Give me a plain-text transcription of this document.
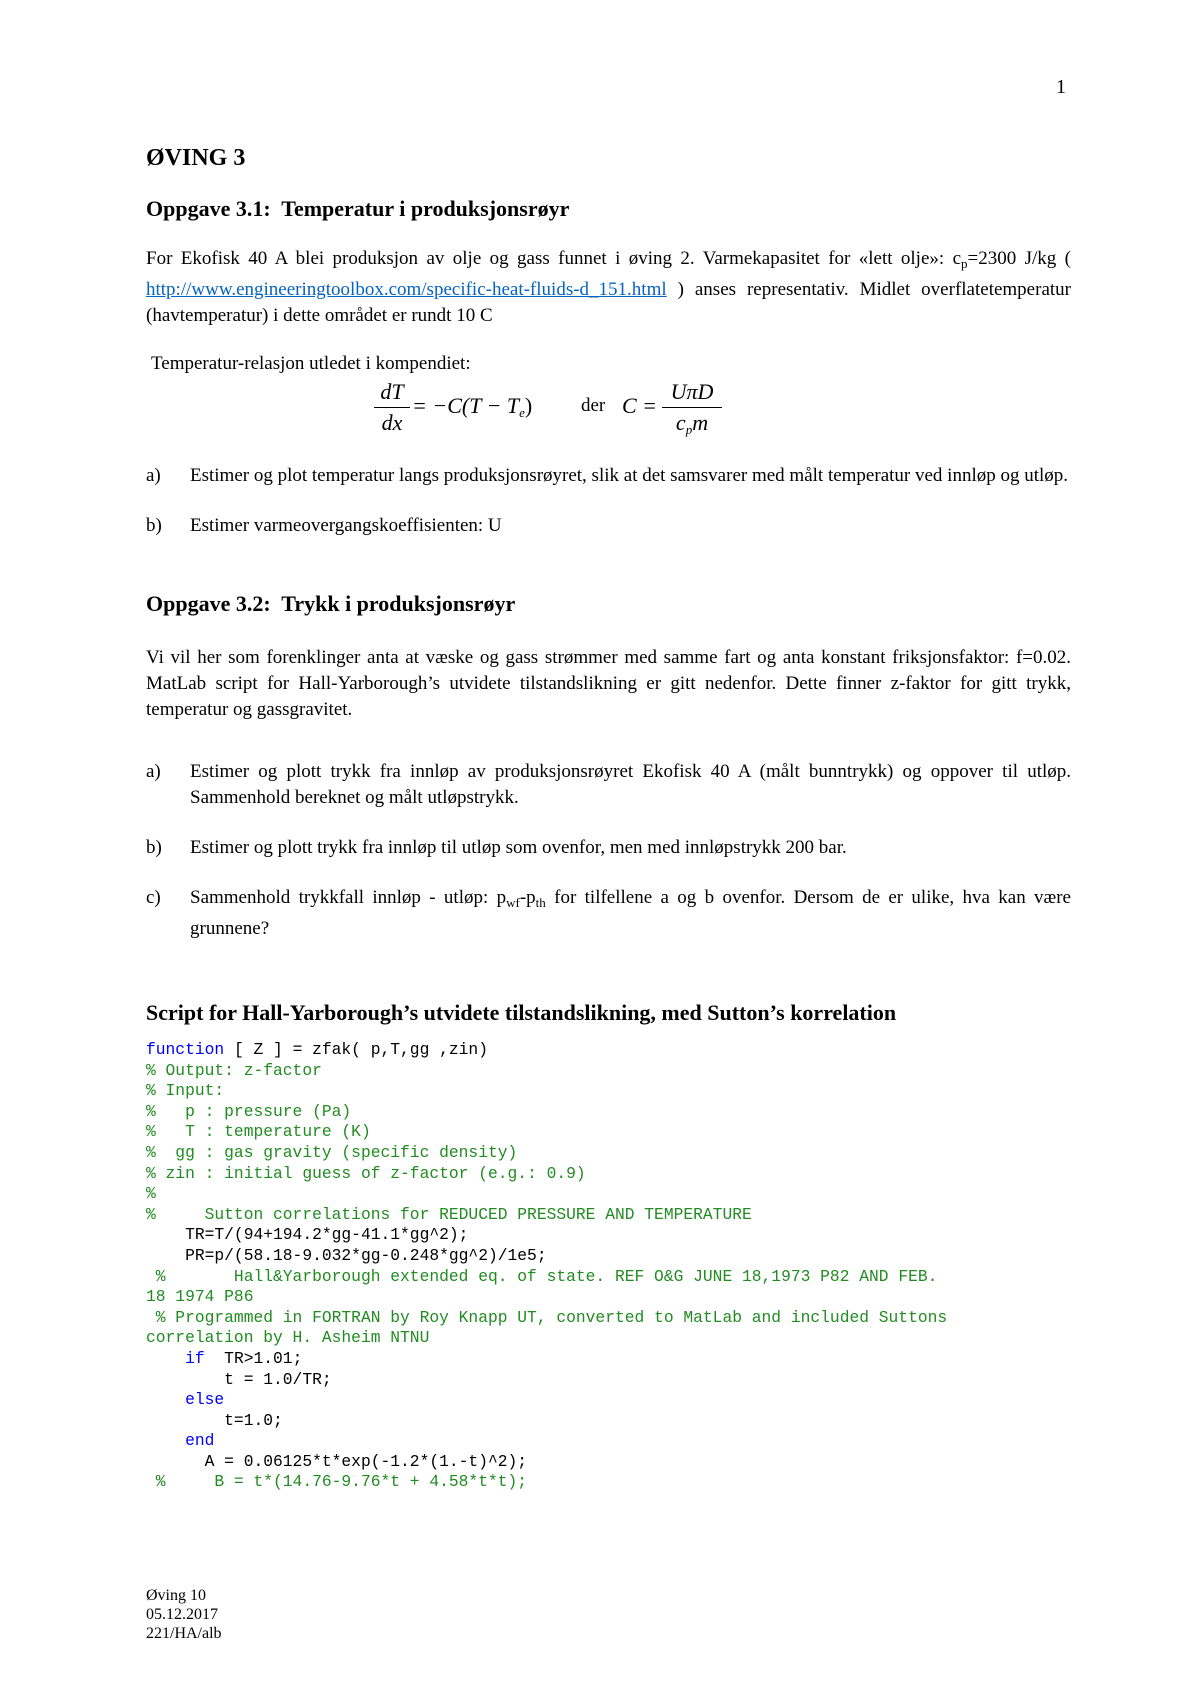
1
ØVING 3
Oppgave 3.1: Temperatur i produksjonsrøyr

For Ekofisk 40 A blei produksjon av olje og gass funnet i øving 2. Varmekapasitet for «lett olje»: $c_p=2300$ J/kg ( http://www.engineeringtoolbox.com/specific-heat-fluids-d_151.html ) anses representativ. Midlet overflatetemperatur (havtemperatur) i dette området er rundt 10 C

Temperatur-relasjon utledet i kompendiet:

dT
dx
= $-C(T - T_e)$	der C =
UπD
$c_pm$
a)	Estimer og plot temperatur langs produksjonsrøyret, slik at det samsvarer med målt temperatur ved innløp og utløp.
b)	Estimer varmeovergangskoeffisienten: U
Oppgave 3.2: Trykk i produksjonsrøyr

Vi vil her som forenklinger anta at væske og gass strømmer med samme fart og anta konstant friksjonsfaktor: f=0.02. MatLab script for Hall-Yarborough’s utvidete tilstandslikning er gitt nedenfor. Dette finner z-faktor for gitt trykk, temperatur og gassgravitet.

a)	Estimer og plott trykk fra innløp av produksjonsrøyret Ekofisk 40 A (målt bunntrykk) og oppover til utløp. Sammenhold bereknet og målt utløpstrykk.
b)	Estimer og plott trykk fra innløp til utløp som ovenfor, men med innløpstrykk 200 bar.
c)	Sammenhold trykkfall innløp - utløp: $p_{wf}-p_{th}$ for tilfellene a og b ovenfor. Dersom de er ulike, hva kan være grunnene?
Script for Hall-Yarborough’s utvidete tilstandslikning, med Sutton’s korrelation
function [ Z ] = zfak( p,T,gg ,zin)
% Output: z-factor
% Input:
%   p : pressure (Pa)
%   T : temperature (K)
%  gg : gas gravity (specific density)
% zin : initial guess of z-factor (e.g.: 0.9)
%
%     Sutton correlations for REDUCED PRESSURE AND TEMPERATURE
TR=T/(94+194.2*gg-41.1*gg^2);
PR=p/(58.18-9.032*gg-0.248*gg^2)/1e5;
%       Hall&Yarborough extended eq. of state. REF O&G JUNE 18,1973 P82 AND FEB.
18 1974 P86
% Programmed in FORTRAN by Roy Knapp UT, converted to MatLab and included Suttons
correlation by H. Asheim NTNU
if  TR>1.01;
t = 1.0/TR;
else
t=1.0;
end
A = 0.06125*t*exp(-1.2*(1.-t)^2);
%     B = t*(14.76-9.76*t + 4.58*t*t);
Øving 10
05.12.2017
221/HA/alb
